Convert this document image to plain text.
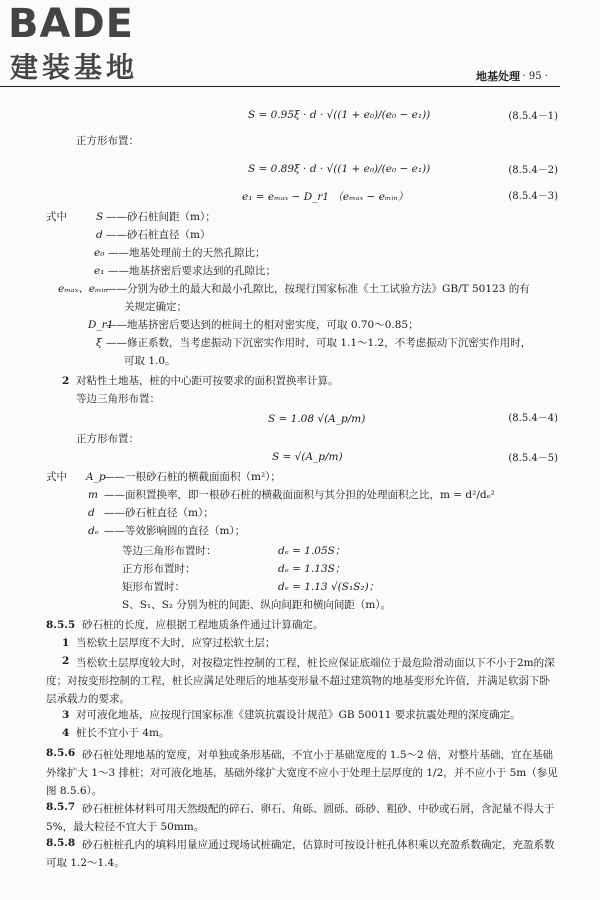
BADE
建装基地	地基处理 · 95 ·
S = 0.95ξ · d · √((1 + e₀)/(e₀ − e₁))	(8.5.4－1)
正方形布置：
S = 0.89ξ · d · √((1 + e₀)/(e₀ − e₁))	(8.5.4－2)
e₁ = eₘₐₓ − D_r1 （eₘₐₓ − eₘᵢₙ）	(8.5.4－3)
式中	S ——砂石桩间距（m）；
d ——砂石桩直径（m）
e₀ ——地基处理前土的天然孔隙比；
e₁ ——地基挤密后要求达到的孔隙比；
eₘₐₓ、eₘᵢₙ
——分别为砂土的最大和最小孔隙比，按现行国家标准《土工试验方法》GB/T 50123 的有
关规定确定；
D_r1
——地基挤密后要达到的桩间土的相对密实度，可取 0.70～0.85；
ξ ——修正系数，当考虑振动下沉密实作用时，可取 1.1～1.2，不考虑振动下沉密实作用时，
可取 1.0。
2 对粘性土地基，桩的中心距可按要求的面积置换率计算。
等边三角形布置：
S = 1.08 √(A_p/m)	(8.5.4－4)
正方形布置：
S = √(A_p/m)	(8.5.4－5)
式中 A_p
——一根砂石桩的横截面面积（m²）；
m ——面积置换率，即一根砂石桩的横截面面积与其分担的处理面积之比，m = d²/dₑ²
d ——砂石桩直径（m）；
dₑ ——等效影响圆的直径（m）；
等边三角形布置时：	dₑ = 1.05S；
正方形布置时：	dₑ = 1.13S；
矩形布置时：	dₑ = 1.13 √(S₁S₂)；
S、S₁、S₂ 分别为桩的间距、纵向间距和横向间距（m）。
8.5.5 砂石桩的长度，应根据工程地质条件通过计算确定。
1 当松软土层厚度不大时，应穿过松软土层；
2 当松软土层厚度较大时，对按稳定性控制的工程，桩长应保证底端位于最危险滑动面以下不小于2m的深度；对按变形控制的工程，桩长应满足处理后的地基变形量不超过建筑物的地基变形允许值，并满足软弱下卧层承载力的要求。
3 对可液化地基，应按现行国家标准《建筑抗震设计规范》GB 50011 要求抗震处理的深度确定。
4 桩长不宜小于 4m。
8.5.6 砂石桩处理地基的宽度，对单独或条形基础，不宜小于基础宽度的 1.5～2 倍，对整片基础，宜在基础外缘扩大 1～3 排桩；对可液化地基，基础外缘扩大宽度不应小于处理土层厚度的 1/2，并不应小于 5m（参见图 8.5.6）。
8.5.7 砂石桩桩体材料可用天然级配的碎石、卵石、角砾、圆砾、砾砂、粗砂、中砂或石屑，含泥量不得大于 5%，最大粒径不宜大于 50mm。
8.5.8 砂石桩桩孔内的填料用量应通过现场试桩确定，估算时可按设计桩孔体积乘以充盈系数确定，充盈系数可取 1.2～1.4。
